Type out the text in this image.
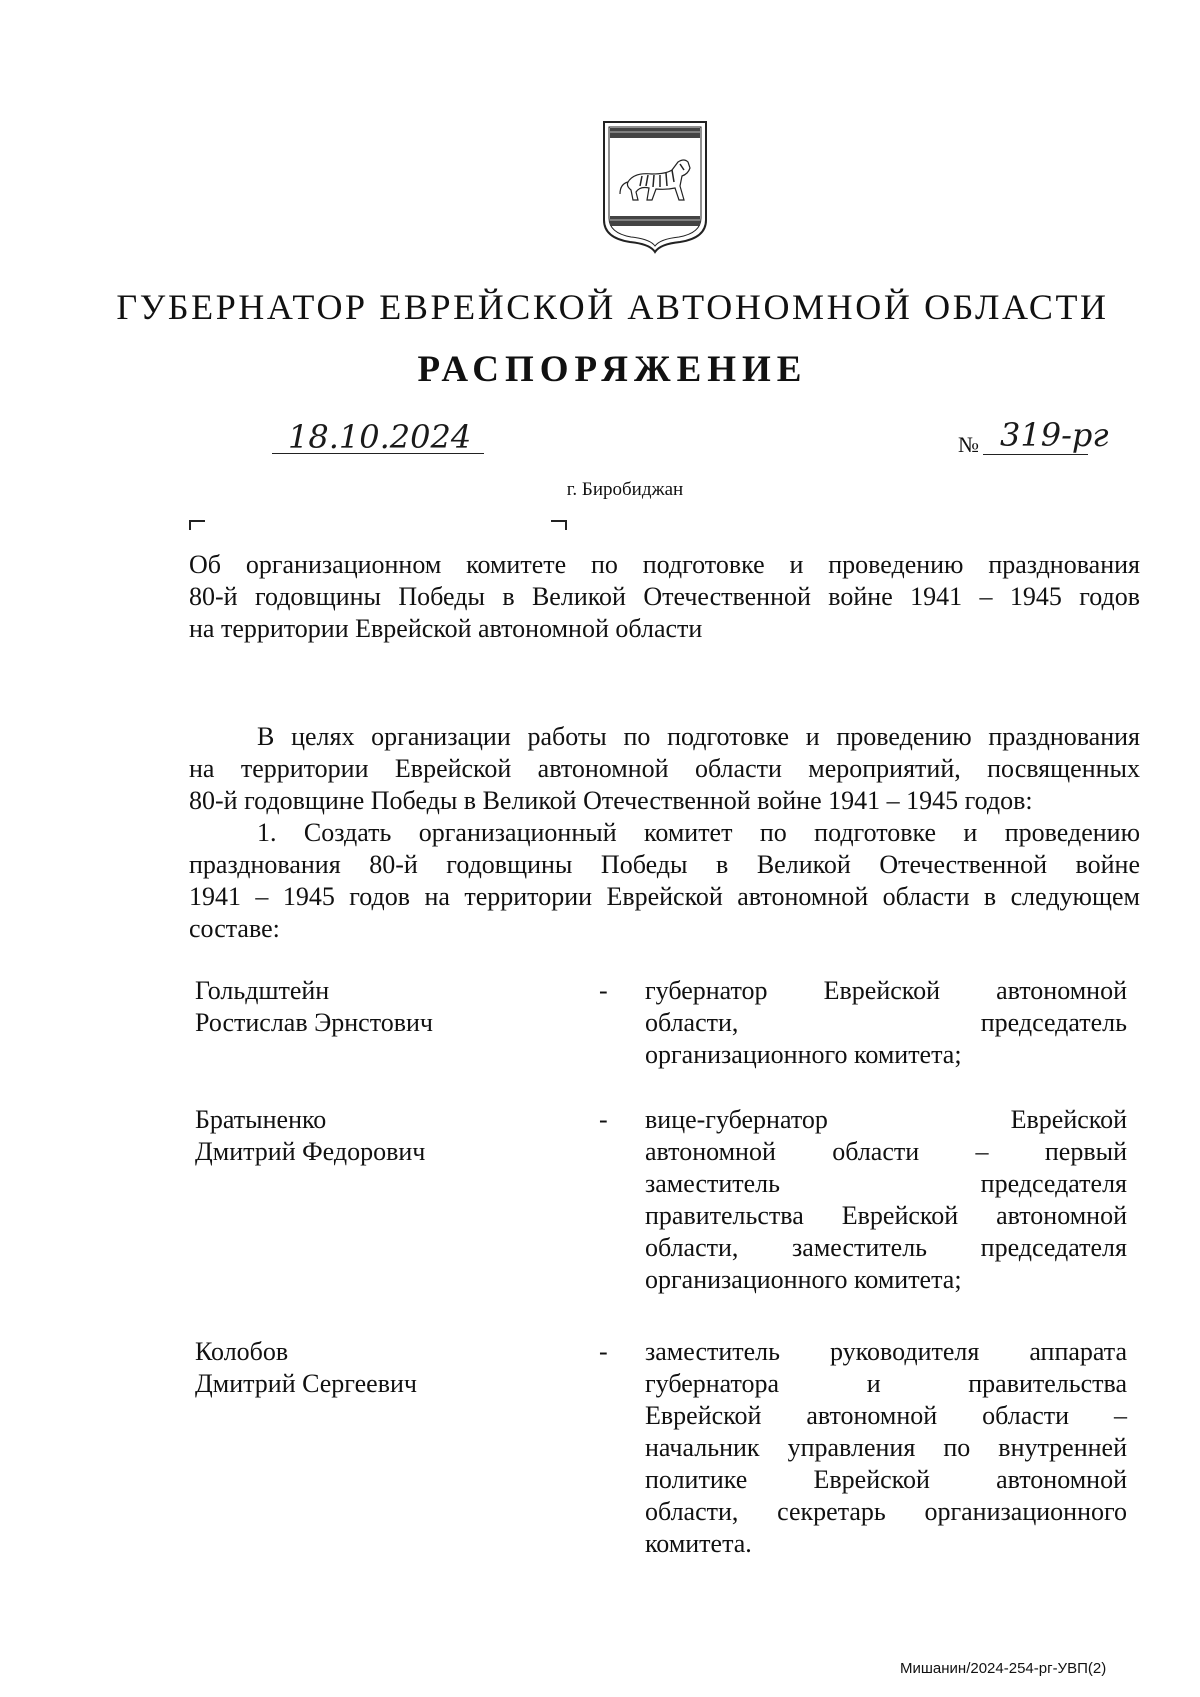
ГУБЕРНАТОР ЕВРЕЙСКОЙ АВТОНОМНОЙ ОБЛАСТИ
РАСПОРЯЖЕНИЕ
18.10.2024	№ 319-рг
г. Биробиджан
Об организационном комитете по подготовке и проведению празднования
80-й годовщины Победы в Великой Отечественной войне 1941 – 1945 годов
на территории Еврейской автономной области
В целях организации работы по подготовке и проведению празднования
на территории Еврейской автономной области мероприятий, посвященных
80-й годовщине Победы в Великой Отечественной войне 1941 – 1945 годов:
1. Создать организационный комитет по подготовке и проведению
празднования 80-й годовщины Победы в Великой Отечественной войне
1941 – 1945 годов на территории Еврейской автономной области в следующем
составе:
Гольдштейн
Ростислав Эрнстович
- губернатор Еврейской автономной
области, председатель
организационного комитета;
Братыненко
Дмитрий Федорович
- вице-губернатор Еврейской
автономной области – первый
заместитель председателя
правительства Еврейской автономной
области, заместитель председателя
организационного комитета;
Колобов
Дмитрий Сергеевич
- заместитель руководителя аппарата
губернатора и правительства
Еврейской автономной области –
начальник управления по внутренней
политике Еврейской автономной
области, секретарь организационного
комитета.
Мишанин/2024-254-рг-УВП(2)
